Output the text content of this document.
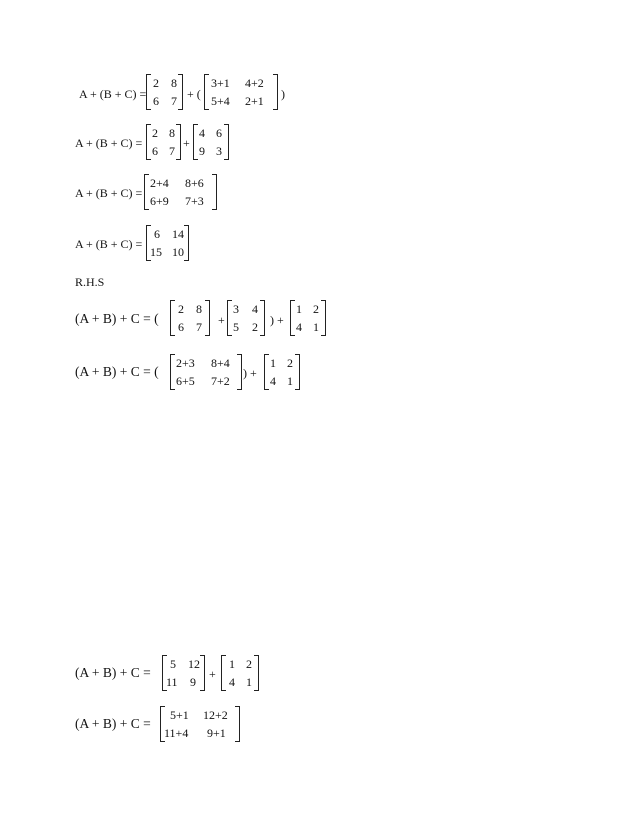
A + (B + C) =
2 8
6 7 + (
3+1 4+2
5+4 2+1 )
A + (B + C) =
2 8
6 7
+
4 6
9 3
A + (B + C) =
2+4 8+6
6+9 7+3
A + (B + C) =
6 14
15 10
R.H.S
(A + B) + C = (
2 8
6 7 +
3 4
5 2 ) +
1 2
4 1
(A + B) + C = (
2+3 8+4
6+5 7+2
) +
1 2
4 1
(A + B) + C =
5 12
11 9
+
1 2
4 1
(A + B) + C =
5+1 12+2
11+4 9+1
